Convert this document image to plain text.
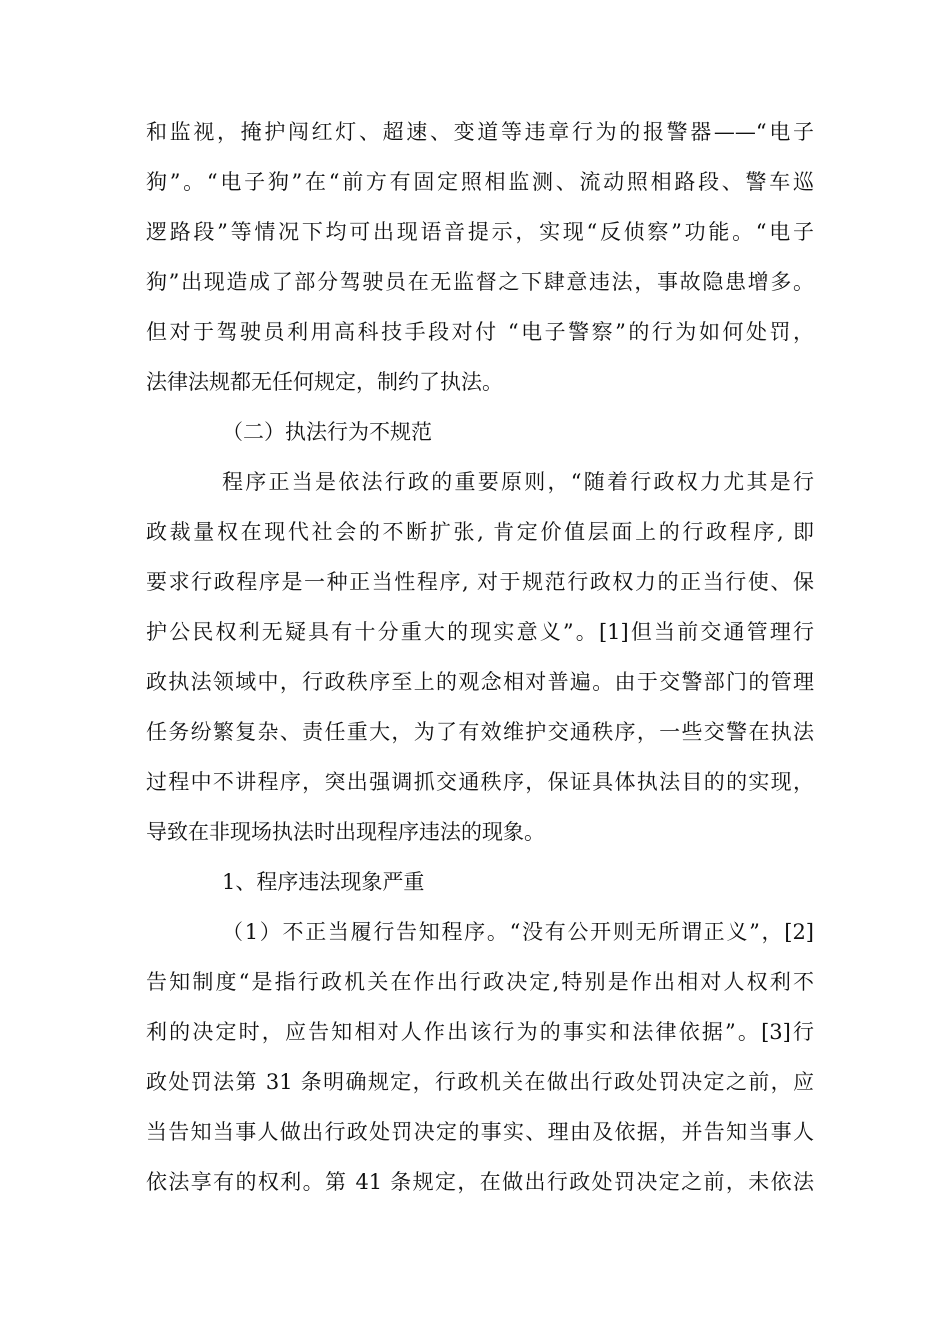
和监视，掩护闯红灯、超速、变道等违章行为的报警器——“电子
狗”。“电子狗”在“前方有固定照相监测、流动照相路段、警车巡
逻路段”等情况下均可出现语音提示，实现“反侦察”功能。“电子
狗”出现造成了部分驾驶员在无监督之下肆意违法，事故隐患增多。
但对于驾驶员利用高科技手段对付 “电子警察”的行为如何处罚，
法律法规都无任何规定，制约了执法。
（二）执法行为不规范
程序正当是依法行政的重要原则，“随着行政权力尤其是行
政裁量权在现代社会的不断扩张, 肯定价值层面上的行政程序, 即
要求行政程序是一种正当性程序, 对于规范行政权力的正当行使、保
护公民权利无疑具有十分重大的现实意义”。[1]但当前交通管理行
政执法领域中，行政秩序至上的观念相对普遍。由于交警部门的管理
任务纷繁复杂、责任重大，为了有效维护交通秩序，一些交警在执法
过程中不讲程序，突出强调抓交通秩序，保证具体执法目的的实现，
导致在非现场执法时出现程序违法的现象。
1、程序违法现象严重
（1）不正当履行告知程序。“没有公开则无所谓正义”，[2]
告知制度“是指行政机关在作出行政决定,特别是作出相对人权利不
利的决定时，应告知相对人作出该行为的事实和法律依据”。[3]行
政处罚法第 31 条明确规定，行政机关在做出行政处罚决定之前，应
当告知当事人做出行政处罚决定的事实、理由及依据，并告知当事人
依法享有的权利。第 41 条规定，在做出行政处罚决定之前，未依法
